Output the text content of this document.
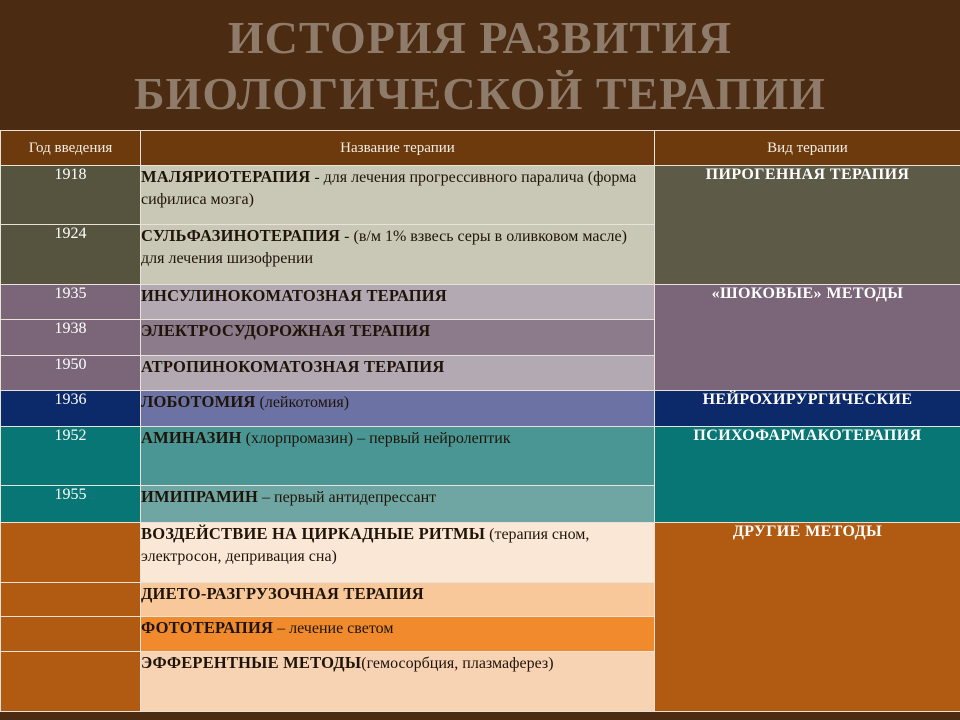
ИСТОРИЯ РАЗВИТИЯ
БИОЛОГИЧЕСКОЙ ТЕРАПИИ
Год введения	Название терапии	Вид терапии
1918	МАЛЯРИОТЕРАПИЯ - для лечения прогрессивного паралича (форма сифилиса мозга)	ПИРОГЕННАЯ ТЕРАПИЯ
1924	СУЛЬФАЗИНОТЕРАПИЯ - (в/м 1% взвесь серы в оливковом масле) для лечения шизофрении	
1935	ИНСУЛИНОКОМАТОЗНАЯ ТЕРАПИЯ	«ШОКОВЫЕ» МЕТОДЫ
1938	ЭЛЕКТРОСУДОРОЖНАЯ ТЕРАПИЯ	
1950	АТРОПИНОКОМАТОЗНАЯ ТЕРАПИЯ	
1936	ЛОБОТОМИЯ (лейкотомия)	НЕЙРОХИРУРГИЧЕСКИЕ
1952	АМИНАЗИН (хлорпромазин) – первый нейролептик	ПСИХОФАРМАКОТЕРАПИЯ
1955	ИМИПРАМИН – первый антидепрессант	
	ВОЗДЕЙСТВИЕ НА ЦИРКАДНЫЕ РИТМЫ (терапия сном, электросон, депривация сна)	ДРУГИЕ МЕТОДЫ
	ДИЕТО-РАЗГРУЗОЧНАЯ ТЕРАПИЯ	
	ФОТОТЕРАПИЯ – лечение светом	
	ЭФФЕРЕНТНЫЕ МЕТОДЫ(гемосорбция, плазмаферез)	
